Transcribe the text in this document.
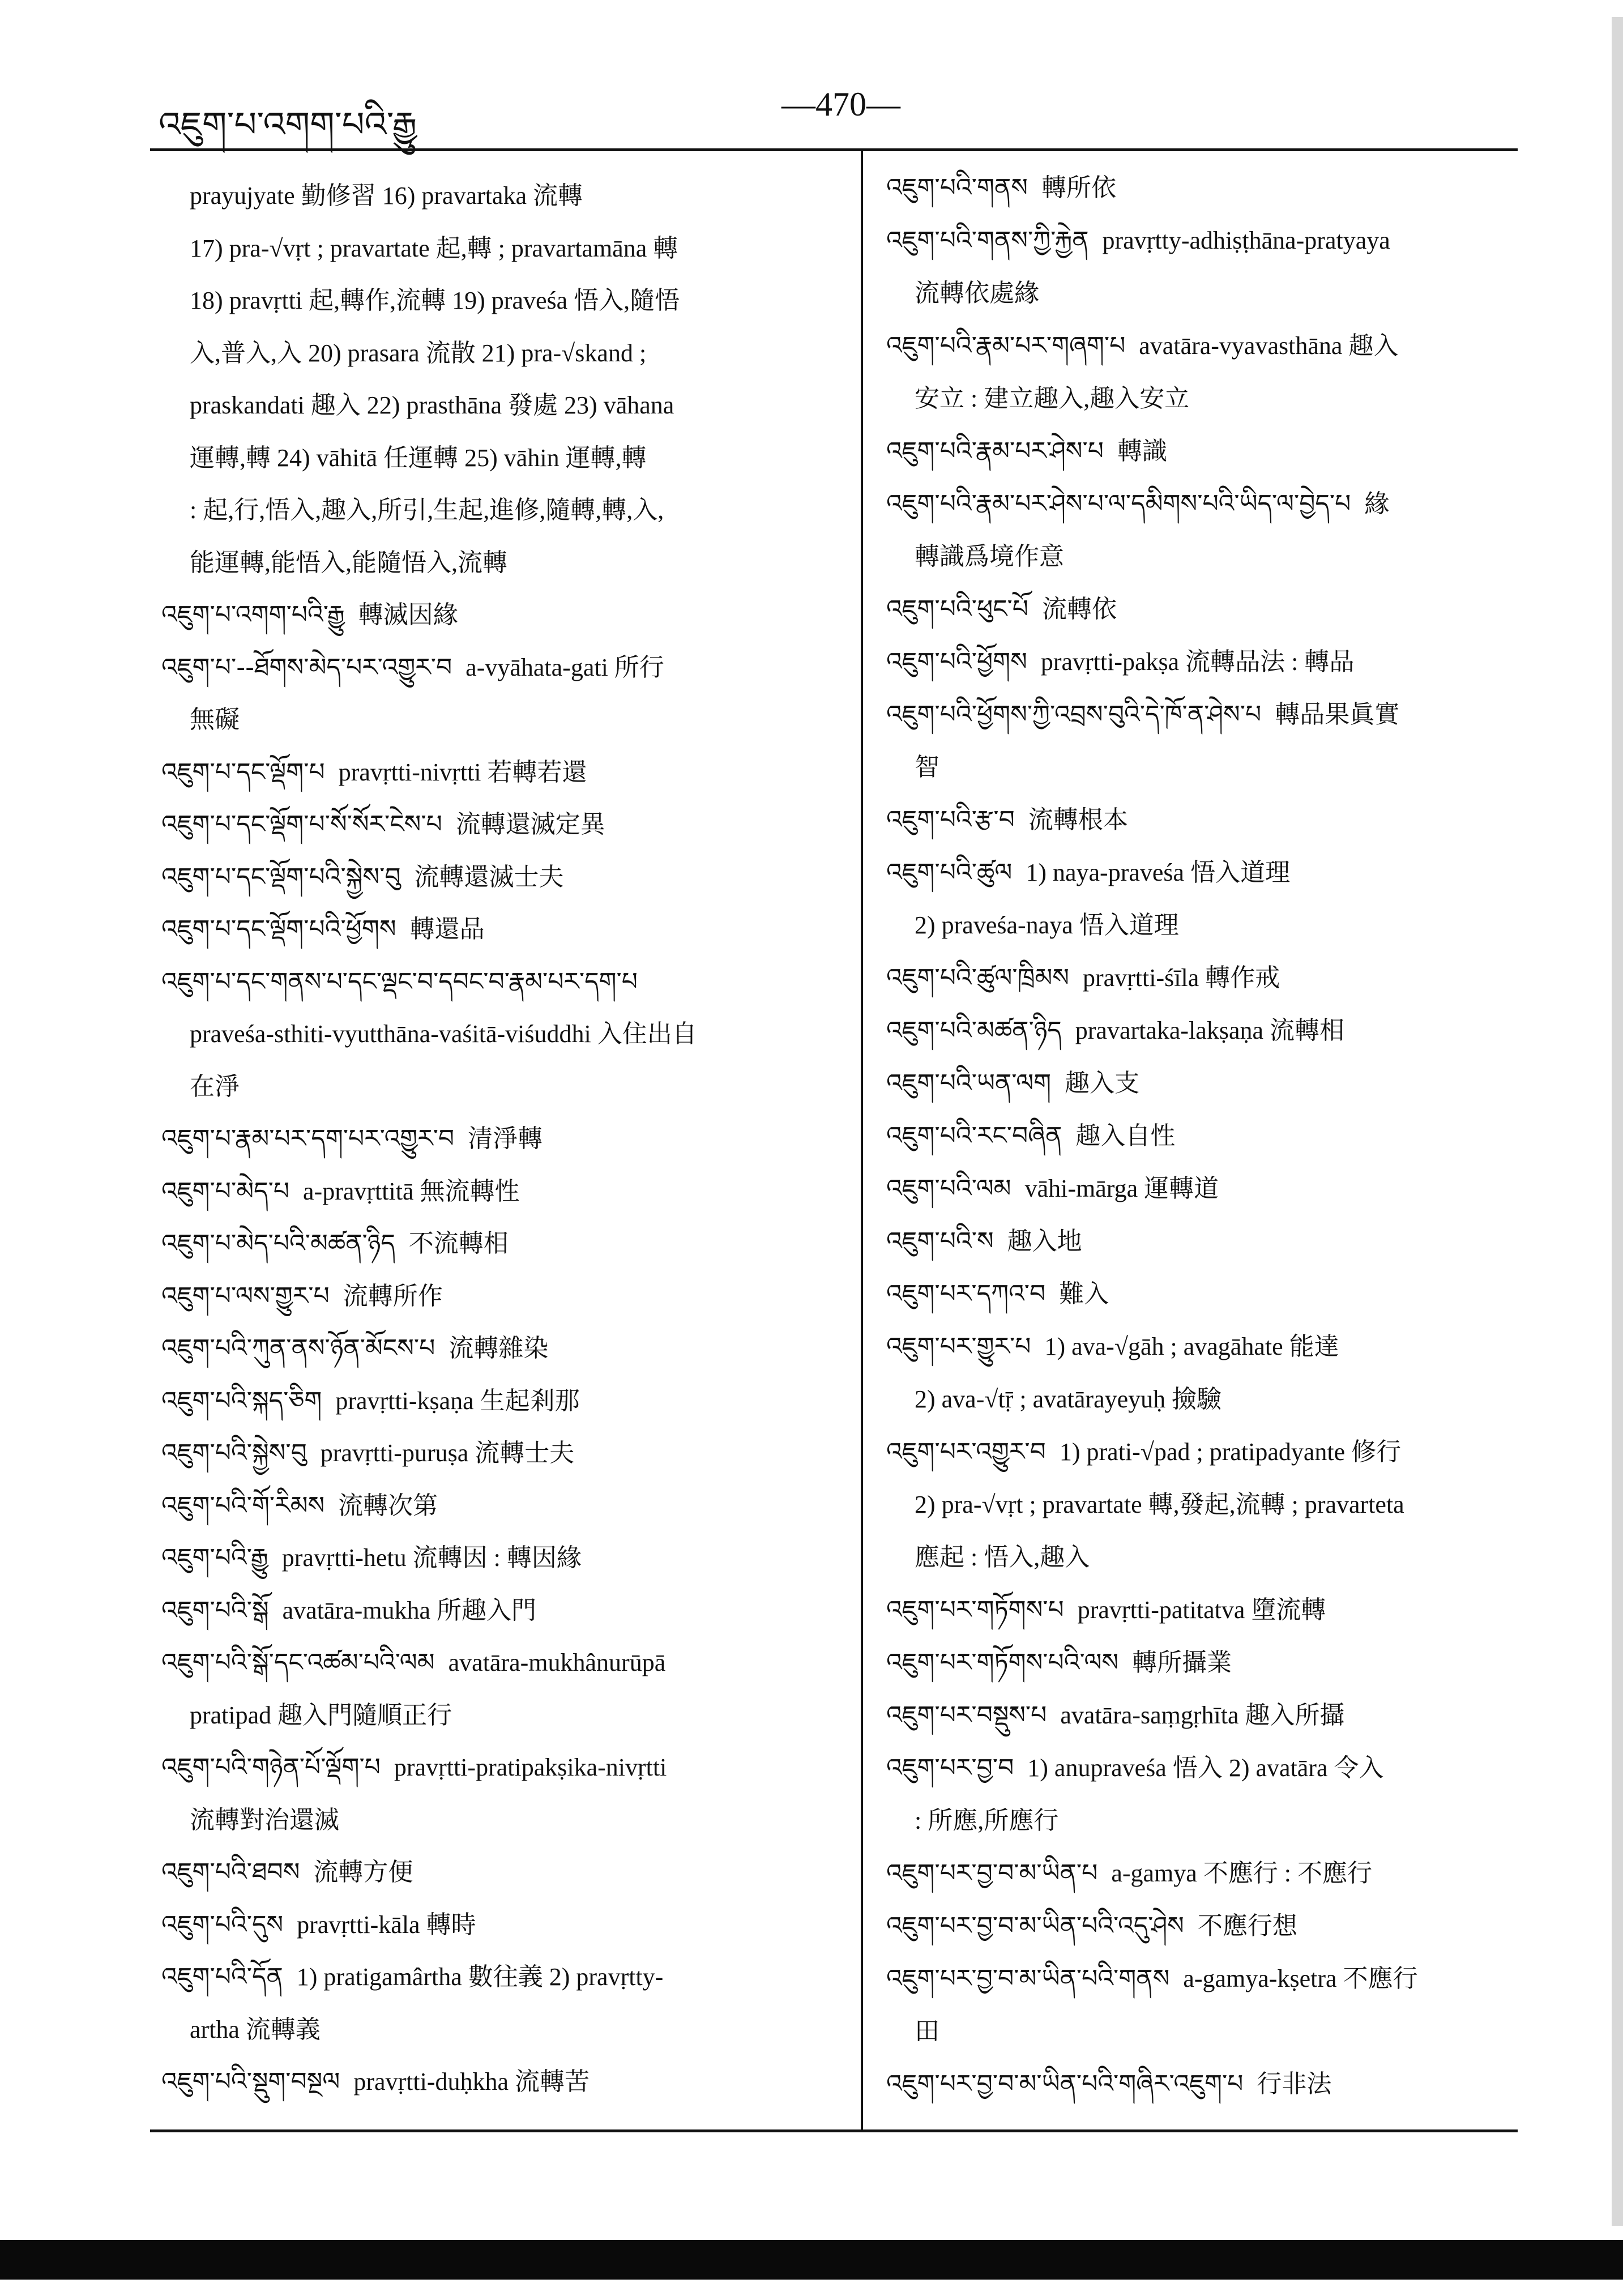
འཇུག་པ་འགག་པའི་རྒྱུ	—470—
prayujyate 勤修習 16) pravartaka 流轉
17) pra-√vṛt ; pravartate 起,轉 ; pravartamāna 轉
18) pravṛtti 起,轉作,流轉 19) praveśa 悟入,隨悟
入,普入,入 20) prasara 流散 21) pra-√skand ;
praskandati 趣入 22) prasthāna 發處 23) vāhana
運轉,轉 24) vāhitā 任運轉 25) vāhin 運轉,轉
: 起,行,悟入,趣入,所引,生起,進修,隨轉,轉,入,
能運轉,能悟入,能隨悟入,流轉
འཇུག་པ་འགག་པའི་རྒྱུ 轉滅因緣
འཇུག་པ་--ཐོགས་མེད་པར་འགྱུར་བ a-vyāhata-gati 所行
無礙
འཇུག་པ་དང་ལྡོག་པ pravṛtti-nivṛtti 若轉若還
འཇུག་པ་དང་ལྡོག་པ་སོ་སོར་ངེས་པ 流轉還滅定異
འཇུག་པ་དང་ལྡོག་པའི་སྐྱེས་བུ 流轉還滅士夫
འཇུག་པ་དང་ལྡོག་པའི་ཕྱོགས 轉還品
འཇུག་པ་དང་གནས་པ་དང་ལྡང་བ་དབང་བ་རྣམ་པར་དག་པ
praveśa-sthiti-vyutthāna-vaśitā-viśuddhi 入住出自
在淨
འཇུག་པ་རྣམ་པར་དག་པར་འགྱུར་བ 清淨轉
འཇུག་པ་མེད་པ a-pravṛttitā 無流轉性
འཇུག་པ་མེད་པའི་མཚན་ཉིད 不流轉相
འཇུག་པ་ལས་གྱུར་པ 流轉所作
འཇུག་པའི་ཀུན་ནས་ཉོན་མོངས་པ 流轉雜染
འཇུག་པའི་སྐད་ཅིག pravṛtti-kṣaṇa 生起剎那
འཇུག་པའི་སྐྱེས་བུ pravṛtti-puruṣa 流轉士夫
འཇུག་པའི་གོ་རིམས 流轉次第
འཇུག་པའི་རྒྱུ pravṛtti-hetu 流轉因 : 轉因緣
འཇུག་པའི་སྒོ avatāra-mukha 所趣入門
འཇུག་པའི་སྒོ་དང་འཚམ་པའི་ལམ avatāra-mukhânurūpā
pratipad 趣入門隨順正行
འཇུག་པའི་གཉེན་པོ་ལྡོག་པ pravṛtti-pratipakṣika-nivṛtti
流轉對治還滅
འཇུག་པའི་ཐབས 流轉方便
འཇུག་པའི་དུས pravṛtti-kāla 轉時
འཇུག་པའི་དོན 1) pratigamârtha 數往義 2) pravṛtty-
artha 流轉義
འཇུག་པའི་སྡུག་བསྔལ pravṛtti-duḥkha 流轉苦
འཇུག་པའི་གནས 轉所依
འཇུག་པའི་གནས་ཀྱི་རྐྱེན pravṛtty-adhiṣṭhāna-pratyaya
流轉依處緣
འཇུག་པའི་རྣམ་པར་གཞག་པ avatāra-vyavasthāna 趣入
安立 : 建立趣入,趣入安立
འཇུག་པའི་རྣམ་པར་ཤེས་པ 轉識
འཇུག་པའི་རྣམ་པར་ཤེས་པ་ལ་དམིགས་པའི་ཡིད་ལ་བྱེད་པ 緣
轉識爲境作意
འཇུག་པའི་ཕུང་པོ 流轉依
འཇུག་པའི་ཕྱོགས pravṛtti-pakṣa 流轉品法 : 轉品
འཇུག་པའི་ཕྱོགས་ཀྱི་འབྲས་བུའི་དེ་ཁོ་ན་ཤེས་པ 轉品果眞實
智
འཇུག་པའི་རྩ་བ 流轉根本
འཇུག་པའི་ཚུལ 1) naya-praveśa 悟入道理
2) praveśa-naya 悟入道理
འཇུག་པའི་ཚུལ་ཁྲིམས pravṛtti-śīla 轉作戒
འཇུག་པའི་མཚན་ཉིད pravartaka-lakṣaṇa 流轉相
འཇུག་པའི་ཡན་ལག 趣入支
འཇུག་པའི་རང་བཞིན 趣入自性
འཇུག་པའི་ལམ vāhi-mārga 運轉道
འཇུག་པའི་ས 趣入地
འཇུག་པར་དཀའ་བ 難入
འཇུག་པར་གྱུར་པ 1) ava-√gāh ; avagāhate 能達
2) ava-√tṝ ; avatārayeyuḥ 撿驗
འཇུག་པར་འགྱུར་བ 1) prati-√pad ; pratipadyante 修行
2) pra-√vṛt ; pravartate 轉,發起,流轉 ; pravarteta
應起 : 悟入,趣入
འཇུག་པར་གཏོགས་པ pravṛtti-patitatva 墮流轉
འཇུག་པར་གཏོགས་པའི་ལས 轉所攝業
འཇུག་པར་བསྡུས་པ avatāra-saṃgṛhīta 趣入所攝
འཇུག་པར་བྱ་བ 1) anupraveśa 悟入 2) avatāra 令入
: 所應,所應行
འཇུག་པར་བྱ་བ་མ་ཡིན་པ a-gamya 不應行 : 不應行
འཇུག་པར་བྱ་བ་མ་ཡིན་པའི་འདུ་ཤེས 不應行想
འཇུག་པར་བྱ་བ་མ་ཡིན་པའི་གནས a-gamya-kṣetra 不應行
田
འཇུག་པར་བྱ་བ་མ་ཡིན་པའི་གཞིར་འཇུག་པ 行非法
